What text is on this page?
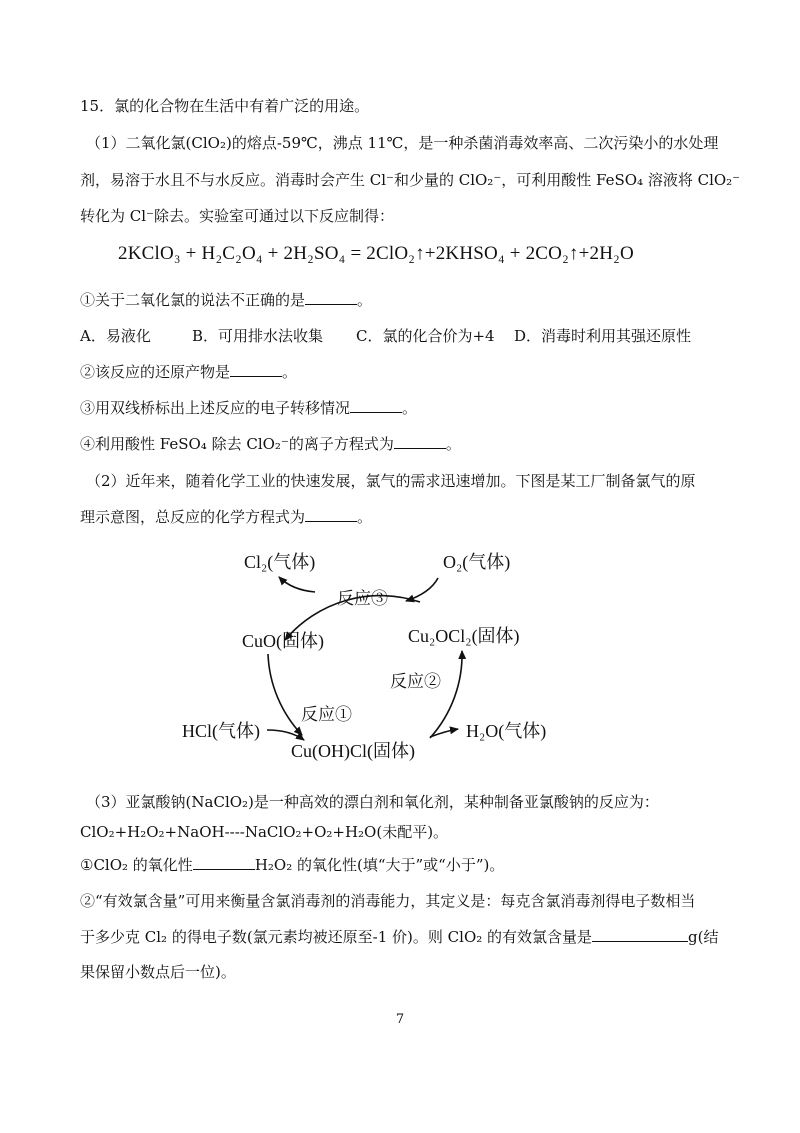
15．氯的化合物在生活中有着广泛的用途。
（1）二氧化氯(ClO₂)的熔点-59℃，沸点 11℃，是一种杀菌消毒效率高、二次污染小的水处理
剂，易溶于水且不与水反应。消毒时会产生 Cl⁻和少量的 ClO₂⁻，可利用酸性 FeSO₄ 溶液将 ClO₂⁻
转化为 Cl⁻除去。实验室可通过以下反应制得：
2KClO₃ + H₂C₂O₄ + 2H₂SO₄ = 2ClO₂↑+2KHSO₄ + 2CO₂↑+2H₂O
①关于二氧化氯的说法不正确的是	。
A．易液化	B．可用排水法收集 C．氯的化合价为+4 D．消毒时利用其强还原性
②该反应的还原产物是	。
③用双线桥标出上述反应的电子转移情况	。
④利用酸性 FeSO₄ 除去 ClO₂⁻的离子方程式为	。
（2）近年来，随着化学工业的快速发展，氯气的需求迅速增加。下图是某工厂制备氯气的原
理示意图，总反应的化学方程式为	。
Cl₂(气体)	O₂(气体)
反应③
CuO(固体)	Cu₂OCl₂(固体)
反应②
反应①
HCl(气体)	H₂O(气体)
Cu(OH)Cl(固体)
（3）亚氯酸钠(NaClO₂)是一种高效的漂白剂和氧化剂，某种制备亚氯酸钠的反应为：
ClO₂+H₂O₂+NaOH----NaClO₂+O₂+H₂O(未配平)。
①ClO₂ 的氧化性	H₂O₂ 的氧化性(填“大于”或“小于”)。
②“有效氯含量”可用来衡量含氯消毒剂的消毒能力，其定义是：每克含氯消毒剂得电子数相当
于多少克 Cl₂ 的得电子数(氯元素均被还原至-1 价)。则 ClO₂ 的有效氯含量是	g(结
果保留小数点后一位)。
7
